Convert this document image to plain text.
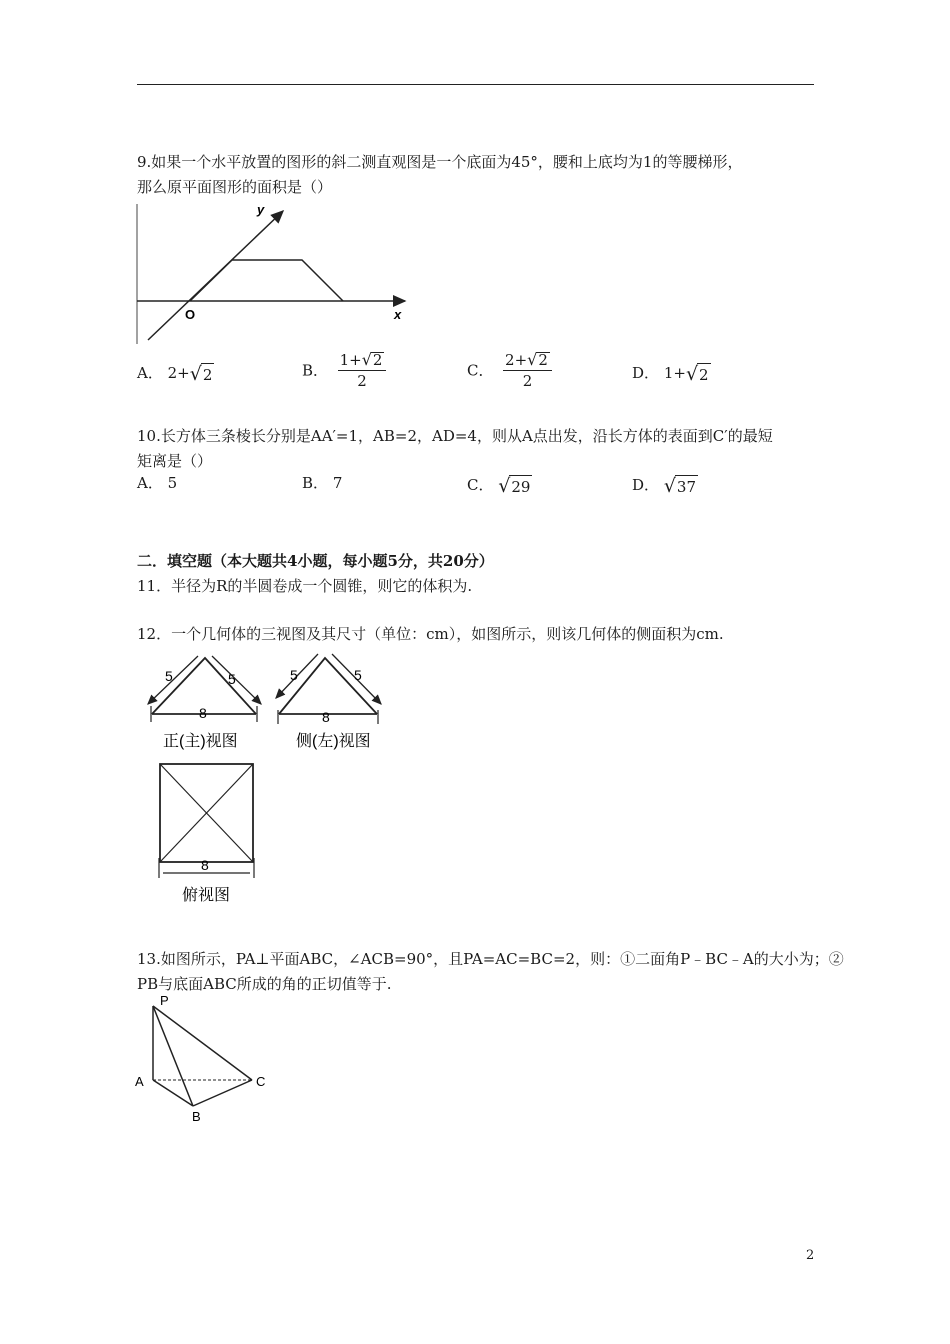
9.如果一个水平放置的图形的斜二测直观图是一个底面为45°，腰和上底均为1的等腰梯形，
那么原平面图形的面积是（）
y
O	x
A． 2+√2	B． $\frac{1+√2}{2}$	C． $\frac{2+√2}{2}$	D． 1+√2
10.长方体三条棱长分别是AA′=1，AB=2，AD=4，则从A点出发，沿长方体的表面到C′的最短
矩离是（）
A． 5	B． 7	C． √29	D． √37
二．填空题（本大题共4小题，每小题5分，共20分）
11．半径为R的半圆卷成一个圆锥，则它的体积为.
12．一个几何体的三视图及其尺寸（单位：cm），如图所示，则该几何体的侧面积为cm.
5	5
8
正(主)视图
5	5
8
侧(左)视图
8
俯视图
13.如图所示，PA⊥平面ABC，∠ACB=90°，且PA=AC=BC=2，则：①二面角P﹣BC﹣A的大小为；②
PB与底面ABC所成的角的正切值等于.
P
A
B
C
2
